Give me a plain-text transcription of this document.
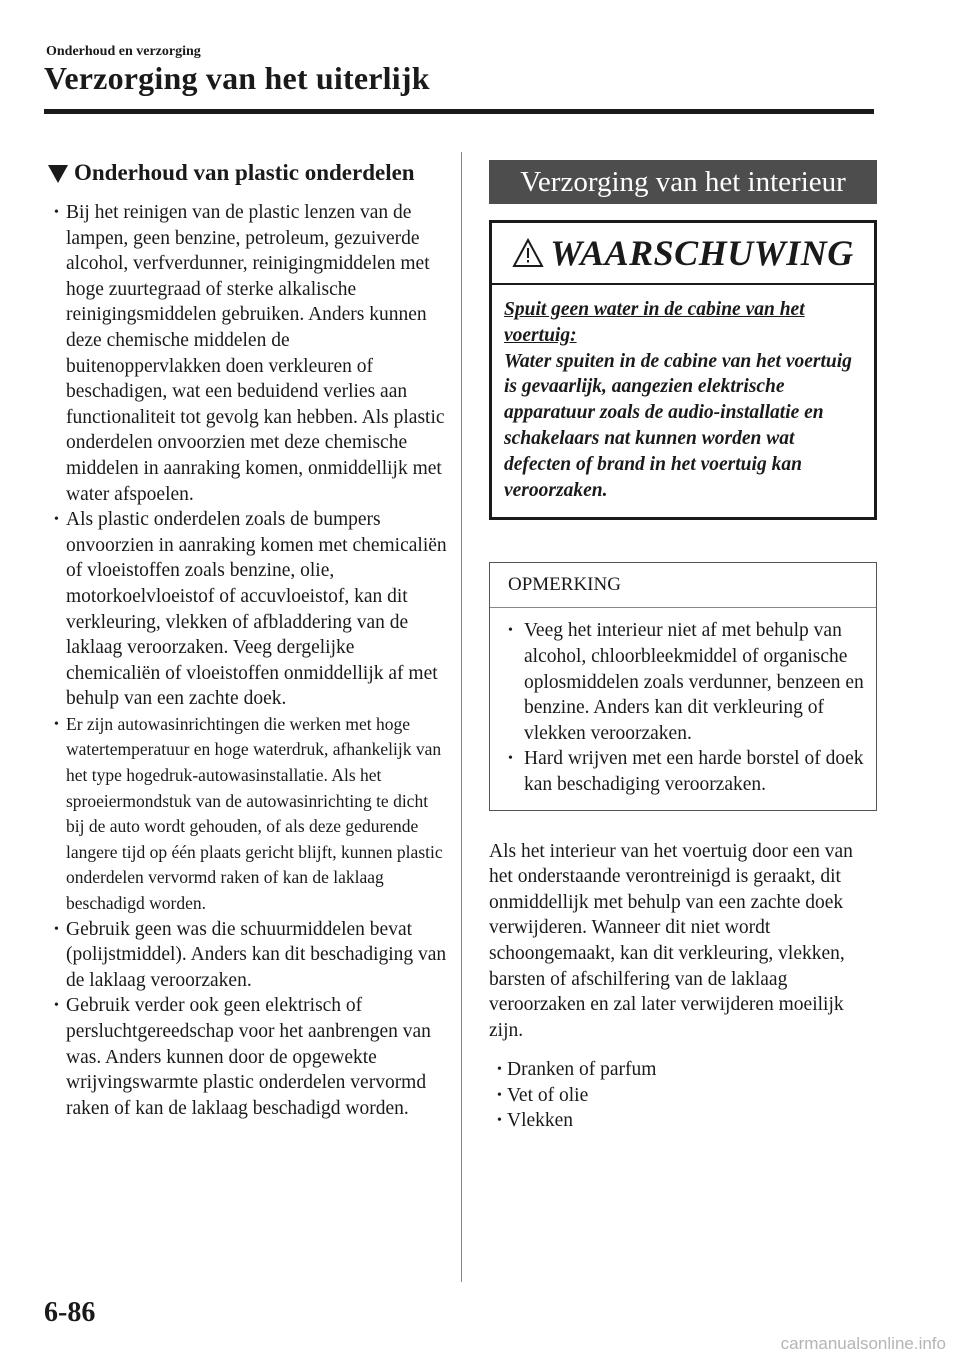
Onderhoud en verzorging
Verzorging van het uiterlijk
Onderhoud van plastic onderdelen
• Bij het reinigen van de plastic lenzen van de lampen, geen benzine, petroleum, gezuiverde alcohol, verfverdunner, reinigingmiddelen met hoge zuurtegraad of sterke alkalische reinigingsmiddelen gebruiken. Anders kunnen deze chemische middelen de buitenoppervlakken doen verkleuren of beschadigen, wat een beduidend verlies aan functionaliteit tot gevolg kan hebben. Als plastic onderdelen onvoorzien met deze chemische middelen in aanraking komen, onmiddellijk met water afspoelen.
• Als plastic onderdelen zoals de bumpers onvoorzien in aanraking komen met chemicaliën of vloeistoffen zoals benzine, olie, motorkoelvloeistof of accuvloeistof, kan dit verkleuring, vlekken of afbladdering van de laklaag veroorzaken. Veeg dergelijke chemicaliën of vloeistoffen onmiddellijk af met behulp van een zachte doek.
• Er zijn autowasinrichtingen die werken met hoge watertemperatuur en hoge waterdruk, afhankelijk van het type hogedruk-autowasinstallatie. Als het sproeiermondstuk van de autowasinrichting te dicht bij de auto wordt gehouden, of als deze gedurende langere tijd op één plaats gericht blijft, kunnen plastic onderdelen vervormd raken of kan de laklaag beschadigd worden.
• Gebruik geen was die schuurmiddelen bevat (polijstmiddel). Anders kan dit beschadiging van de laklaag veroorzaken.
• Gebruik verder ook geen elektrisch of persluchtgereedschap voor het aanbrengen van was. Anders kunnen door de opgewekte wrijvingswarmte plastic onderdelen vervormd raken of kan de laklaag beschadigd worden.
Verzorging van het interieur
WAARSCHUWING
Spuit geen water in de cabine van het voertuig:
Water spuiten in de cabine van het voertuig is gevaarlijk, aangezien elektrische apparatuur zoals de audio-installatie en schakelaars nat kunnen worden wat defecten of brand in het voertuig kan veroorzaken.
OPMERKING
• Veeg het interieur niet af met behulp van alcohol, chloorbleekmiddel of organische oplosmiddelen zoals verdunner, benzeen en benzine. Anders kan dit verkleuring of vlekken veroorzaken.
• Hard wrijven met een harde borstel of doek kan beschadiging veroorzaken.
Als het interieur van het voertuig door een van het onderstaande verontreinigd is geraakt, dit onmiddellijk met behulp van een zachte doek verwijderen. Wanneer dit niet wordt schoongemaakt, kan dit verkleuring, vlekken, barsten of afschilfering van de laklaag veroorzaken en zal later verwijderen moeilijk zijn.
• Dranken of parfum
• Vet of olie
• Vlekken
6-86
carmanualsonline.info
